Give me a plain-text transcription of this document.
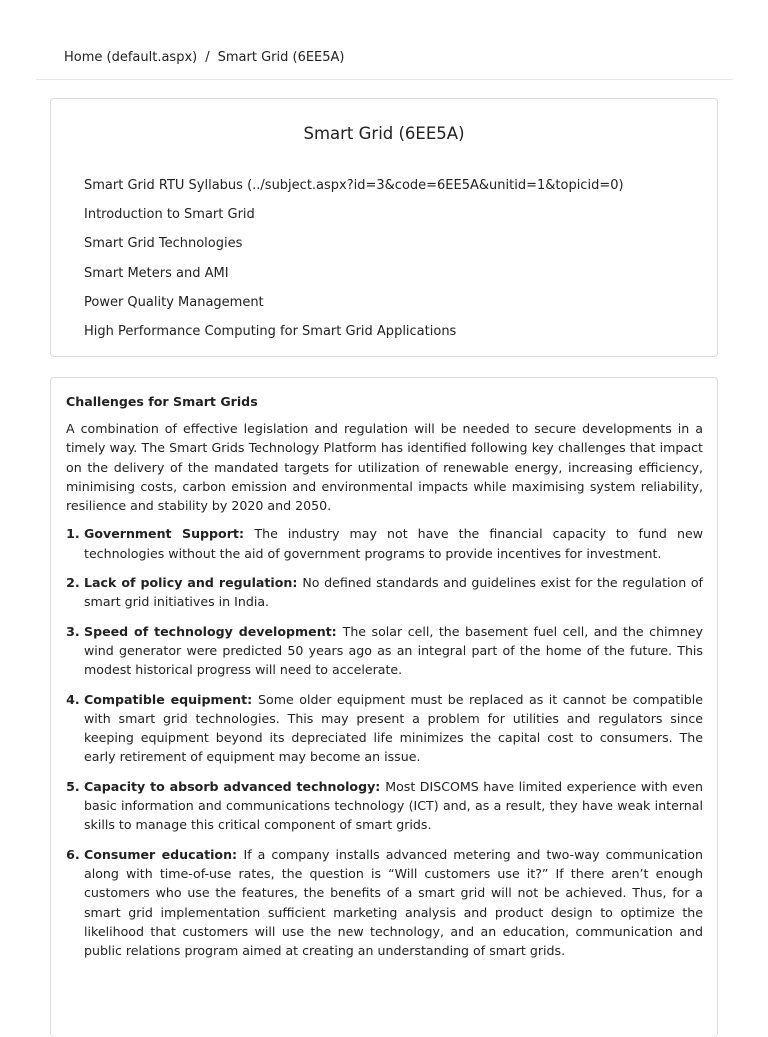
Home (default.aspx) / Smart Grid (6EE5A)
Smart Grid (6EE5A)
Smart Grid RTU Syllabus (../subject.aspx?id=3&code=6EE5A&unitid=1&topicid=0)
Introduction to Smart Grid
Smart Grid Technologies
Smart Meters and AMI
Power Quality Management
High Performance Computing for Smart Grid Applications
Challenges for Smart Grids

A combination of effective legislation and regulation will be needed to secure developments in a timely way. The Smart Grids Technology Platform has identified following key challenges that impact on the delivery of the mandated targets for utilization of renewable energy, increasing efficiency, minimising costs, carbon emission and environmental impacts while maximising system reliability, resilience and stability by 2020 and 2050.

1. Government Support: The industry may not have the financial capacity to fund new technologies without the aid of government programs to provide incentives for investment.
2. Lack of policy and regulation: No defined standards and guidelines exist for the regulation of smart grid initiatives in India.
3. Speed of technology development: The solar cell, the basement fuel cell, and the chimney wind generator were predicted 50 years ago as an integral part of the home of the future. This modest historical progress will need to accelerate.
4. Compatible equipment: Some older equipment must be replaced as it cannot be compatible with smart grid technologies. This may present a problem for utilities and regulators since keeping equipment beyond its depreciated life minimizes the capital cost to consumers. The early retirement of equipment may become an issue.
5. Capacity to absorb advanced technology: Most DISCOMS have limited experience with even basic information and communications technology (ICT) and, as a result, they have weak internal skills to manage this critical component of smart grids.
6. Consumer education: If a company installs advanced metering and two-way communication along with time-of-use rates, the question is “Will customers use it?” If there aren’t enough customers who use the features, the benefits of a smart grid will not be achieved. Thus, for a smart grid implementation sufficient marketing analysis and product design to optimize the likelihood that customers will use the new technology, and an education, communication and public relations program aimed at creating an understanding of smart grids.
